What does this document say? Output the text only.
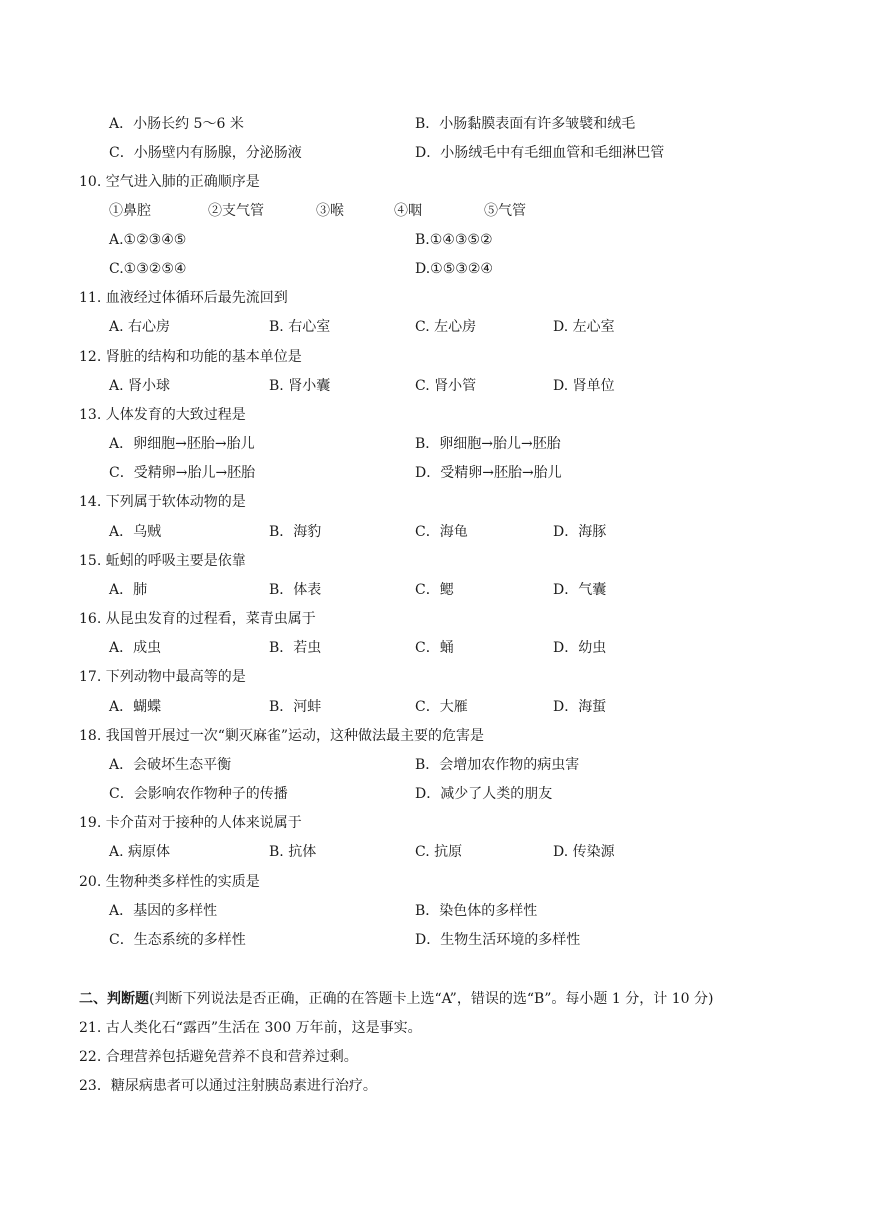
A．小肠长约 5～6 米	B．小肠黏膜表面有许多皱襞和绒毛
C．小肠壁内有肠腺，分泌肠液	D．小肠绒毛中有毛细血管和毛细淋巴管
10. 空气进入肺的正确顺序是
①鼻腔	②支气管	③喉	④咽	⑤气管
A.①②③④⑤	B.①④③⑤②
C.①③②⑤④	D.①⑤③②④
11. 血液经过体循环后最先流回到
A. 右心房	B. 右心室	C. 左心房	D. 左心室
12. 肾脏的结构和功能的基本单位是
A. 肾小球	B. 肾小囊	C. 肾小管	D. 肾单位
13. 人体发育的大致过程是
A．卵细胞→胚胎→胎儿	B．卵细胞→胎儿→胚胎
C．受精卵→胎儿→胚胎	D．受精卵→胚胎→胎儿
14. 下列属于软体动物的是
A．乌贼	B．海豹	C．海龟	D．海豚
15. 蚯蚓的呼吸主要是依靠
A．肺	B．体表	C．鳃	D．气囊
16. 从昆虫发育的过程看，菜青虫属于
A．成虫	B．若虫	C．蛹	D．幼虫
17. 下列动物中最高等的是
A．蝴蝶	B．河蚌	C．大雁	D．海蜇
18. 我国曾开展过一次“剿灭麻雀”运动，这种做法最主要的危害是
A．会破坏生态平衡	B．会增加农作物的病虫害
C．会影响农作物种子的传播	D．减少了人类的朋友
19. 卡介苗对于接种的人体来说属于
A. 病原体	B. 抗体	C. 抗原	D. 传染源
20. 生物种类多样性的实质是
A．基因的多样性	B．染色体的多样性
C．生态系统的多样性	D．生物生活环境的多样性
二、判断题(判断下列说法是否正确，正确的在答题卡上选“A”，错误的选“B”。每小题 1 分，计 10 分)
21. 古人类化石“露西”生活在 300 万年前，这是事实。
22. 合理营养包括避免营养不良和营养过剩。
23．糖尿病患者可以通过注射胰岛素进行治疗。
